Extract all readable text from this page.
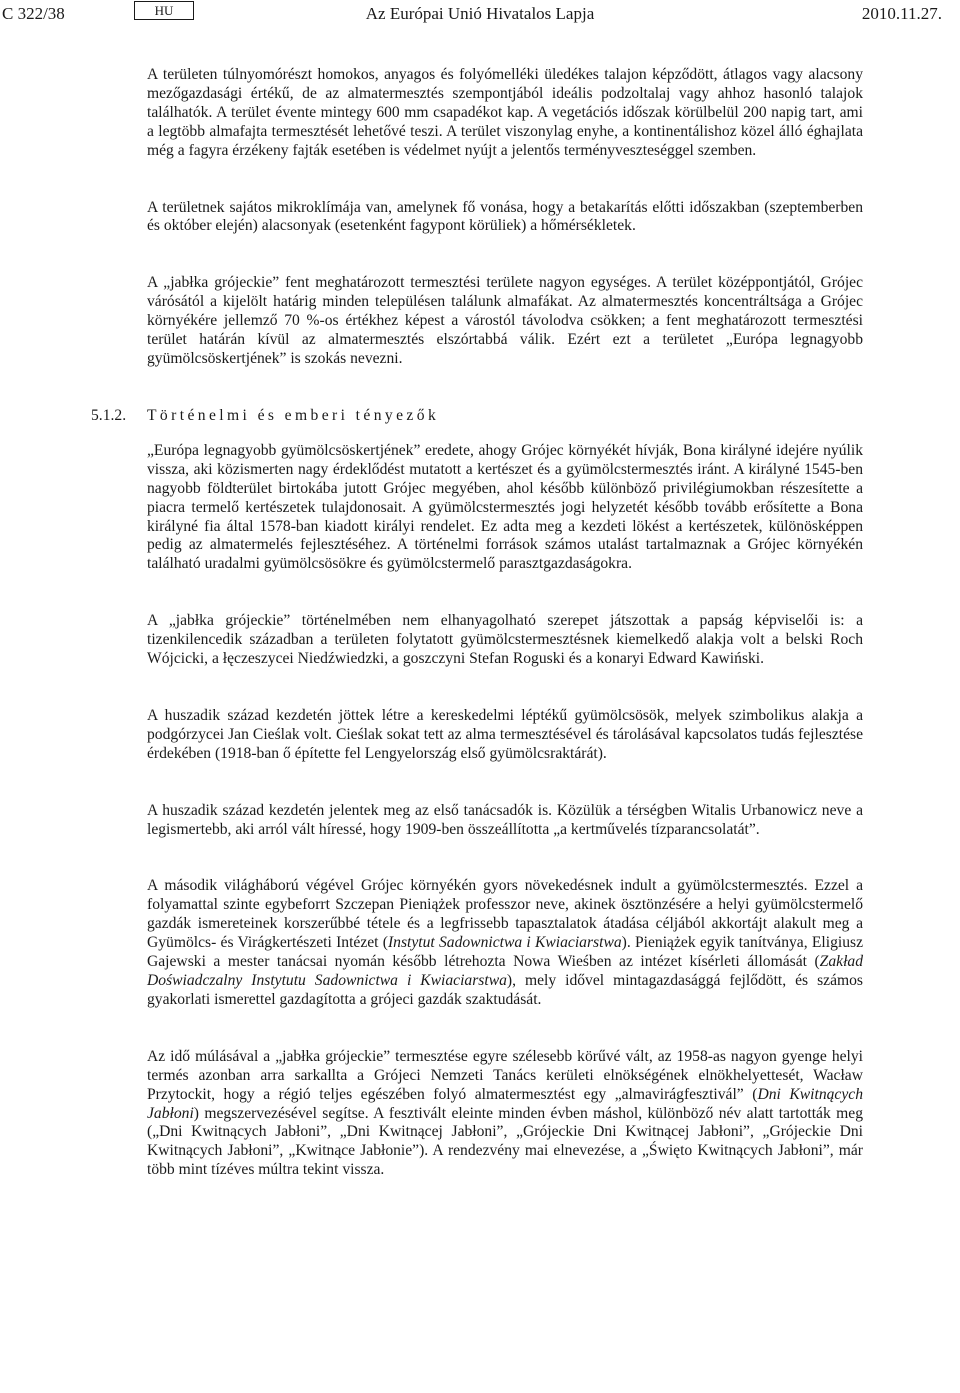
C 322/38	HU	Az Európai Unió Hivatalos Lapja	2010.11.27.

A területen túlnyomórészt homokos, anyagos és folyómelléki üledékes talajon képződött, átlagos vagy alacsony mezőgazdasági értékű, de az almatermesztés szempontjából ideális podzoltalaj vagy ahhoz hasonló talajok találhatók. A terület évente mintegy 600 mm csapadékot kap. A vegetációs időszak körülbelül 200 napig tart, ami a legtöbb almafajta termesztését lehetővé teszi. A terület viszonylag enyhe, a kontinentálishoz közel álló éghajlata még a fagyra érzékeny fajták esetében is védelmet nyújt a jelentős terményveszteséggel szemben.

A területnek sajátos mikroklímája van, amelynek fő vonása, hogy a betakarítás előtti időszakban (szeptemberben és október elején) alacsonyak (esetenként fagypont körüliek) a hőmérsékletek.

A „jabłka grójeckie” fent meghatározott termesztési területe nagyon egységes. A terület középpontjától, Grójec várósától a kijelölt határig minden településen találunk almafákat. Az almatermesztés koncentráltsága a Grójec környékére jellemző 70 %-os értékhez képest a várostól távolodva csökken; a fent meghatározott termesztési terület határán kívül az almatermesztés elszórtabbá válik. Ezért ezt a területet „Európa legnagyobb gyümölcsöskertjének” is szokás nevezni.

5.1.2. Történelmi és emberi tényezők

„Európa legnagyobb gyümölcsöskertjének” eredete, ahogy Grójec környékét hívják, Bona királyné idejére nyúlik vissza, aki közismerten nagy érdeklődést mutatott a kertészet és a gyümölcstermesztés iránt. A királyné 1545-ben nagyobb földterület birtokába jutott Grójec megyében, ahol később különböző privilégiumokban részesítette a piacra termelő kertészetek tulajdonosait. A gyümölcstermesztés jogi helyzetét később tovább erősítette a Bona királyné fia által 1578-ban kiadott királyi rendelet. Ez adta meg a kezdeti lökést a kertészetek, különösképpen pedig az almatermelés fejlesztéséhez. A történelmi források számos utalást tartalmaznak a Grójec környékén található uradalmi gyümölcsösökre és gyümölcstermelő parasztgazdaságokra.

A „jabłka grójeckie” történelmében nem elhanyagolható szerepet játszottak a papság képviselői is: a tizenkilencedik században a területen folytatott gyümölcstermesztésnek kiemelkedő alakja volt a belski Roch Wójcicki, a łęczeszycei Niedźwiedzki, a goszczyni Stefan Roguski és a konaryi Edward Kawiński.

A huszadik század kezdetén jöttek létre a kereskedelmi léptékű gyümölcsösök, melyek szimbolikus alakja a podgórzycei Jan Cieślak volt. Cieślak sokat tett az alma termesztésével és tárolásával kapcsolatos tudás fejlesztése érdekében (1918-ban ő építette fel Lengyelország első gyümölcsraktárát).

A huszadik század kezdetén jelentek meg az első tanácsadók is. Közülük a térségben Witalis Urbanowicz neve a legismertebb, aki arról vált híressé, hogy 1909-ben összeállította „a kertművelés tízparancsolatát”.

A második világháború végével Grójec környékén gyors növekedésnek indult a gyümölcstermesztés. Ezzel a folyamattal szinte egybeforrt Szczepan Pieniążek professzor neve, akinek ösztönzésére a helyi gyümölcstermelő gazdák ismereteinek korszerűbbé tétele és a legfrissebb tapasztalatok átadása céljából akkortájt alakult meg a Gyümölcs- és Virágkertészeti Intézet (Instytut Sadownictwa i Kwiaciarstwa). Pieniążek egyik tanítványa, Eligiusz Gajewski a mester tanácsai nyomán később létrehozta Nowa Wieśben az intézet kísérleti állomását (Zakład Doświadczalny Instytutu Sadownictwa i Kwiaciarstwa), mely idővel mintagazdasággá fejlődött, és számos gyakorlati ismerettel gazdagította a grójeci gazdák szaktudását.

Az idő múlásával a „jabłka grójeckie” termesztése egyre szélesebb körűvé vált, az 1958-as nagyon gyenge helyi termés azonban arra sarkallta a Grójeci Nemzeti Tanács kerületi elnökségének elnökhelyettesét, Wacław Przytockit, hogy a régió teljes egészében folyó almatermesztést egy „almavirágfesztivál” (Dni Kwitnących Jabłoni) megszervezésével segítse. A fesztivált eleinte minden évben máshol, különböző név alatt tartották meg („Dni Kwitnących Jabłoni”, „Dni Kwitnącej Jabłoni”, „Grójeckie Dni Kwitnącej Jabłoni”, „Grójeckie Dni Kwitnących Jabłoni”, „Kwitnące Jabłonie”). A rendezvény mai elnevezése, a „Święto Kwitnących Jabłoni”, már több mint tízéves múltra tekint vissza.
